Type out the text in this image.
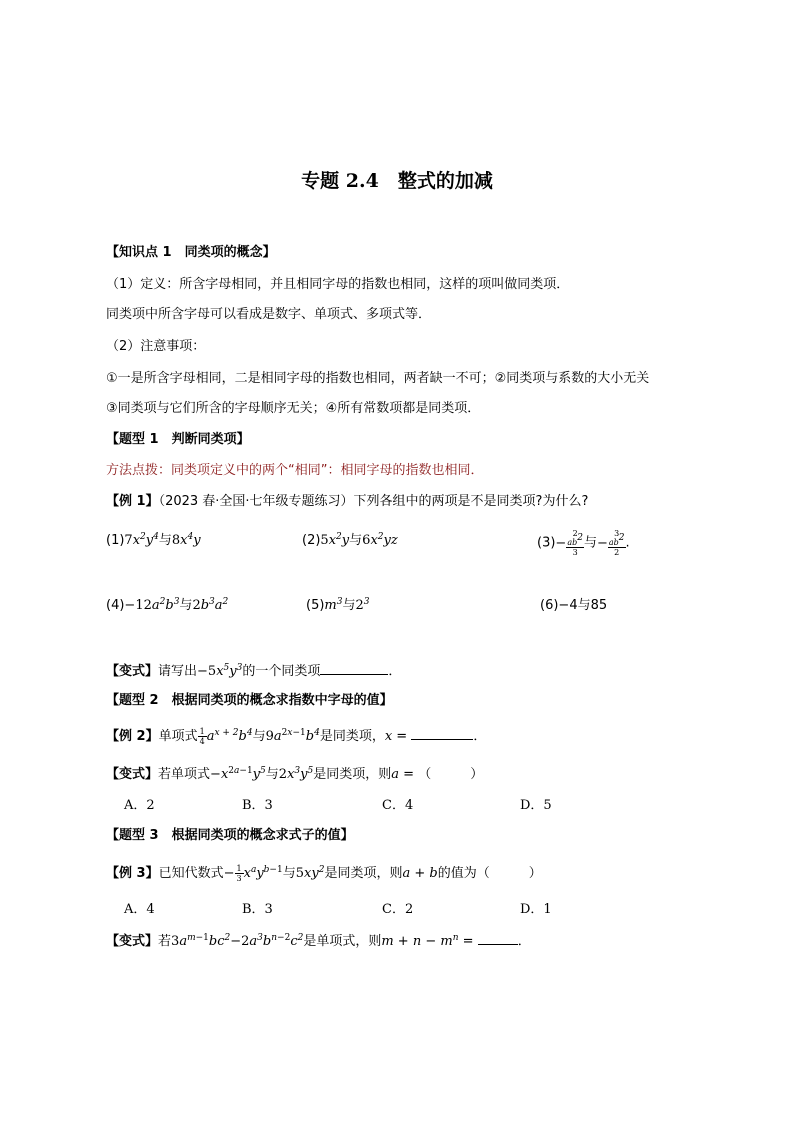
专题 2.4　整式的加减
【知识点 1　同类项的概念】
（1）定义：所含字母相同，并且相同字母的指数也相同，这样的项叫做同类项．
同类项中所含字母可以看成是数字、单项式、多项式等．
（2）注意事项：
①一是所含字母相同，二是相同字母的指数也相同，两者缺一不可；②同类项与系数的大小无关
③同类项与它们所含的字母顺序无关；④所有常数项都是同类项．
【题型 1　判断同类项】
方法点拨：同类项定义中的两个“相同”：相同字母的指数也相同．
【例 1】（2023 春·全国·七年级专题练习）下列各组中的两项是不是同类项?为什么?
$(1)7x^2y^4$与$8x^4y$	$(2)5x^2y$与$6x^2yz$	(3)− 2
$ab^2$
3 与− 3
$ab^2$
2 .
$(4)-12a^2b^3$与$2b^3a^2$	$(5)m^3$与$2^3$	(6)−4与85
【变式】请写出$-5x^5y^3$的一个同类项	．
【题型 2　根据同类项的概念求指数中字母的值】
【例 2】单项式 $\frac{1}{4} a^{x + 2}b^4$与$9a^{2x-1}b^4$是同类项，x =	．
【变式】若单项式$-x^{2a-1}y^5$与$2x^3y^5$是同类项，则a = （　　　）
A．2	B．3	C．4	D．5
【题型 3　根据同类项的概念求式子的值】
【例 3】已知代数式− $\frac{1}{3} x^ay^{b-1}$与$5xy^2$是同类项，则a + b的值为（　　　）
A．4	B．3	C．2	D．1
【变式】若$3a^{m-1}bc^2-2a^3b^{n-2}c^2$是单项式，则$m + n - m^n$ =	．
